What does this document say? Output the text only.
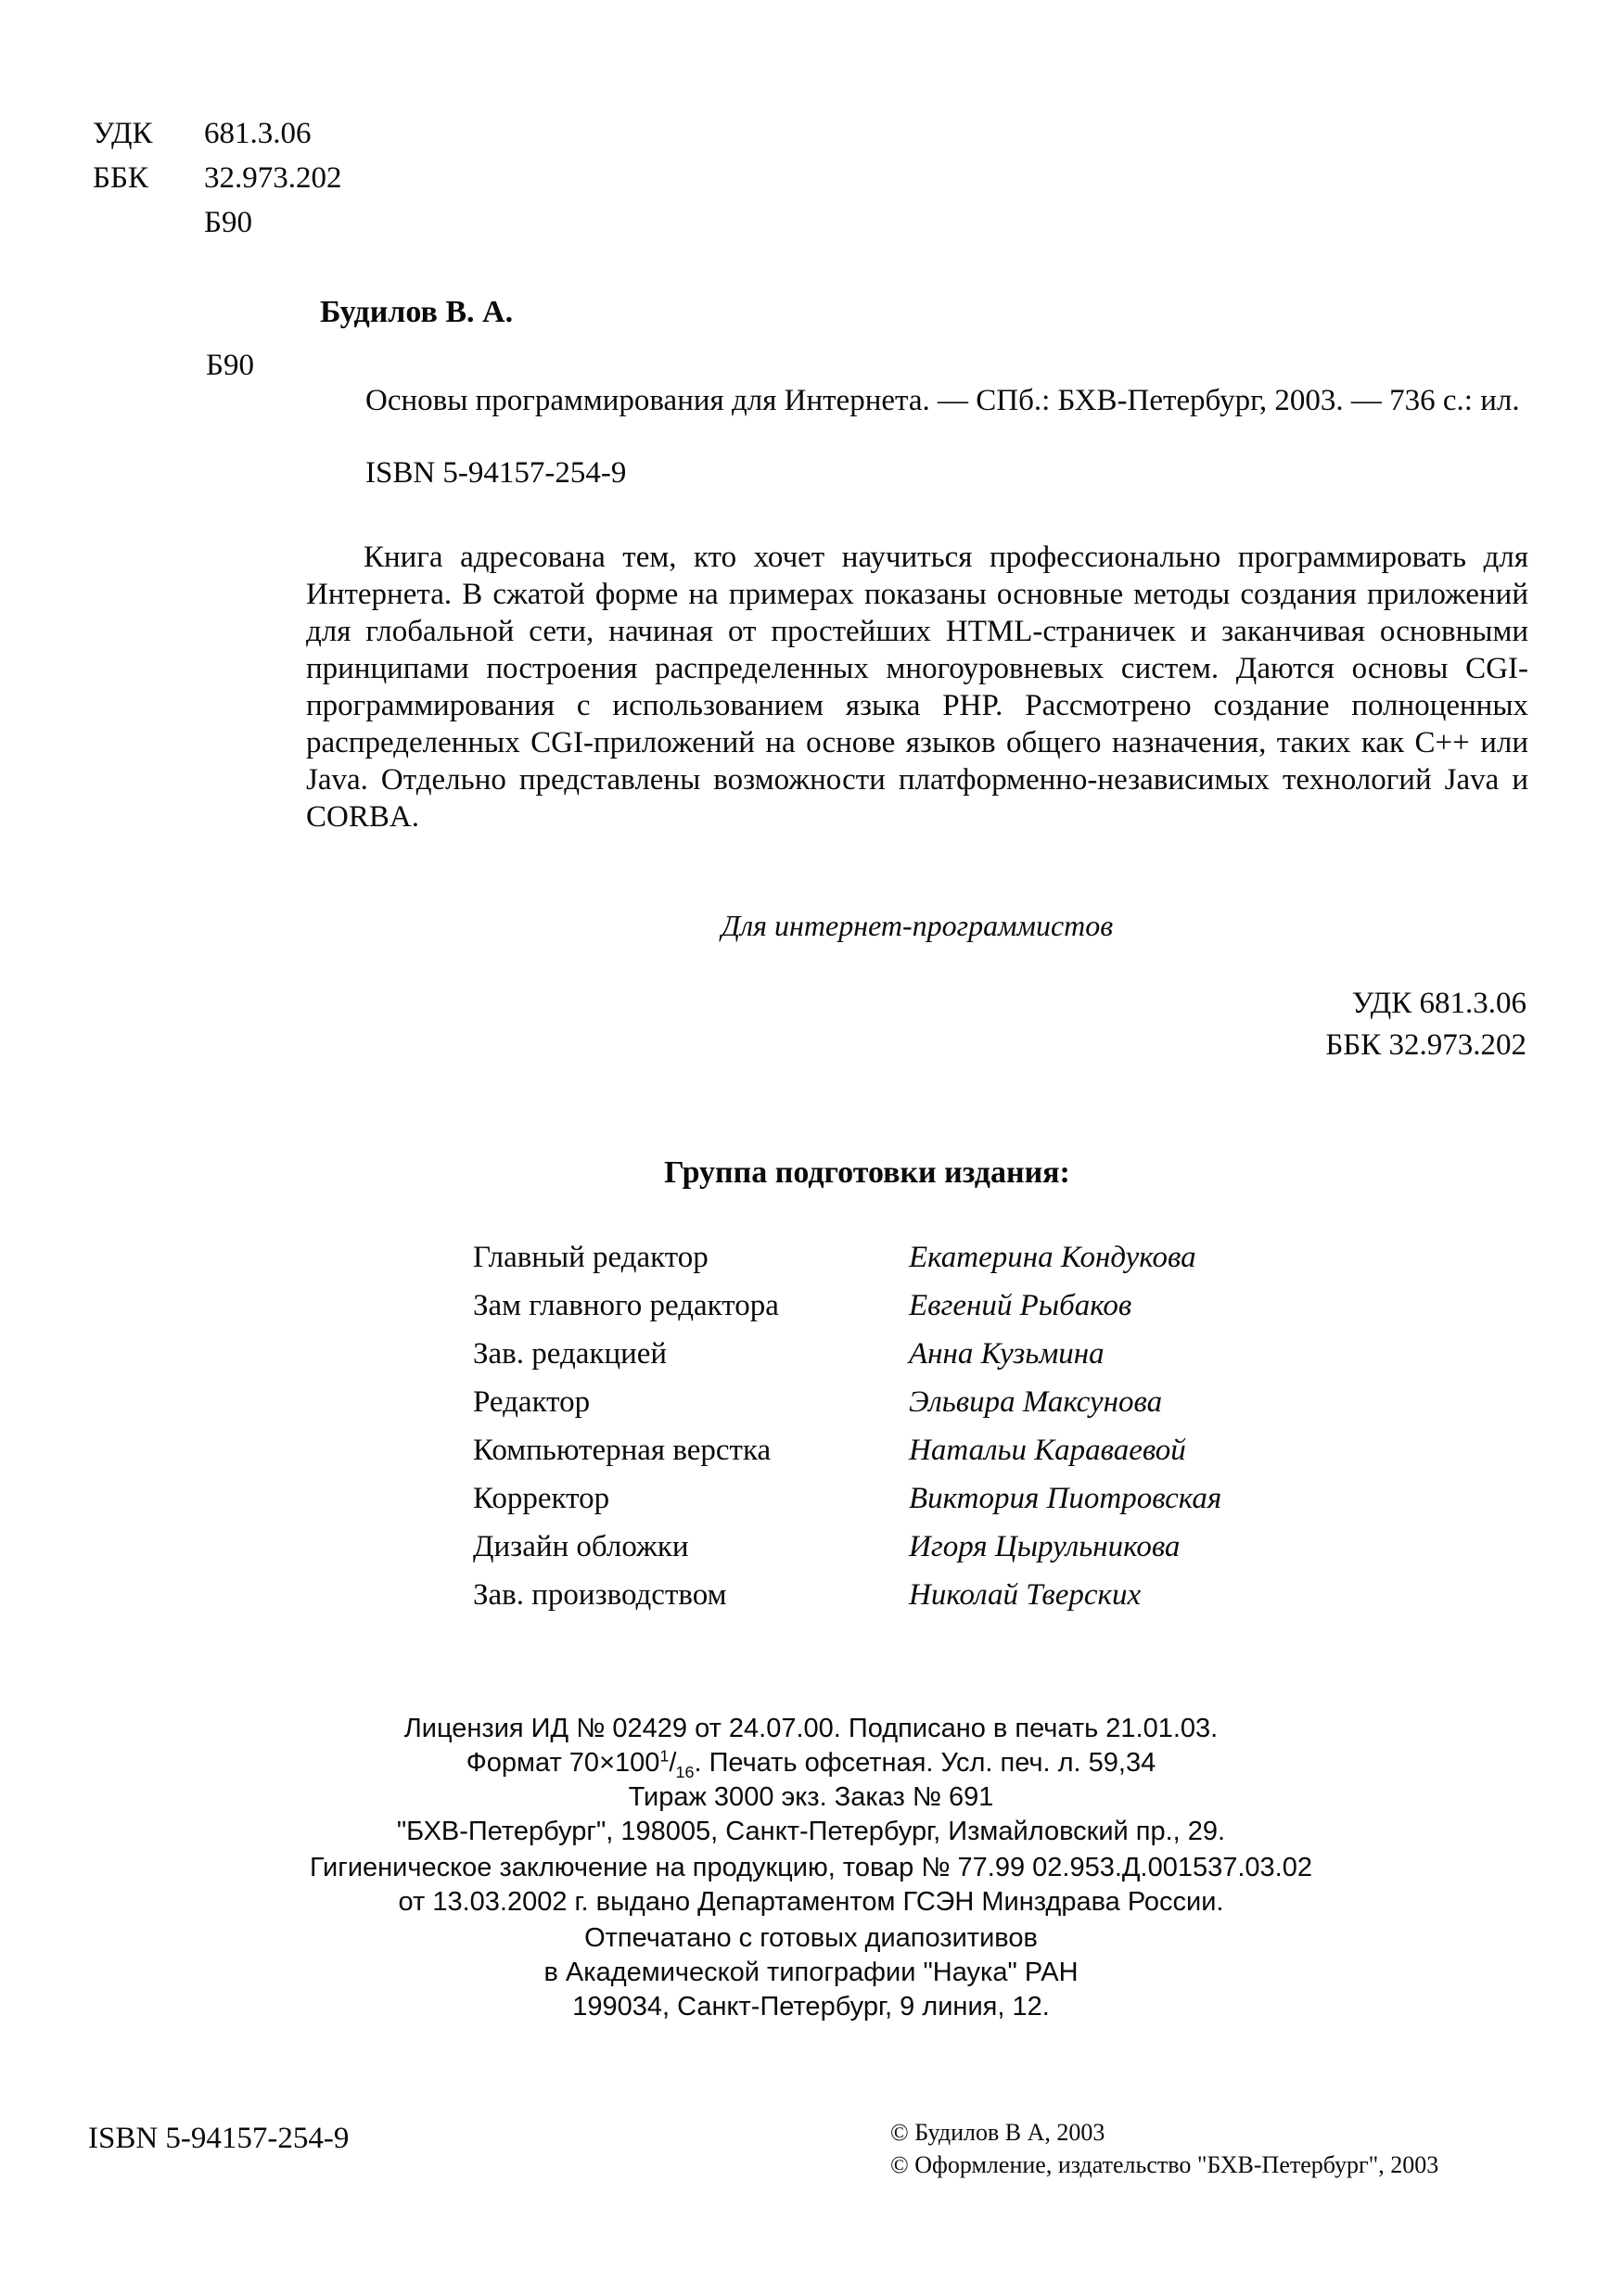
УДК	681.3.06
ББК	32.973.202
Б90
Будилов В. А.
Б90

Основы программирования для Интернета. — СПб.: БХВ-Петербург, 2003. — 736 с.: ил.

ISBN 5-94157-254-9

Книга адресована тем, кто хочет научиться профессионально программировать для Интернета. В сжатой форме на примерах показаны основные методы создания приложений для глобальной сети, начиная от простейших HTML-страничек и заканчивая основными принципами построения распределенных многоуровневых систем. Даются основы CGI-программирования с использованием языка PHP. Рассмотрено создание полноценных распределенных CGI-приложений на основе языков общего назначения, таких как C++ или Java. Отдельно представлены возможности платформенно-независимых технологий Java и CORBA.

Для интернет-программистов
УДК 681.3.06
ББК 32.973.202

Группа подготовки издания:

Главный редактор	Екатерина Кондукова
Зам главного редактора	Евгений Рыбаков
Зав. редакцией	Анна Кузьмина
Редактор	Эльвира Максунова
Компьютерная верстка	Натальи Караваевой
Корректор	Виктория Пиотровская
Дизайн обложки	Игоря Цырульникова
Зав. производством	Николай Тверских
Лицензия ИД № 02429 от 24.07.00. Подписано в печать 21.01.03.
Формат $70\times 100^1/_{16}$. Печать офсетная. Усл. печ. л. 59,34
Тираж 3000 экз. Заказ № 691
"БХВ-Петербург", 198005, Санкт-Петербург, Измайловский пр., 29.
Гигиеническое заключение на продукцию, товар № 77.99 02.953.Д.001537.03.02
от 13.03.2002 г. выдано Департаментом ГСЭН Минздрава России.
Отпечатано с готовых диапозитивов
в Академической типографии "Наука" РАН
199034, Санкт-Петербург, 9 линия, 12.
ISBN 5-94157-254-9	© Будилов В А, 2003
© Оформление, издательство "БХВ-Петербург", 2003
